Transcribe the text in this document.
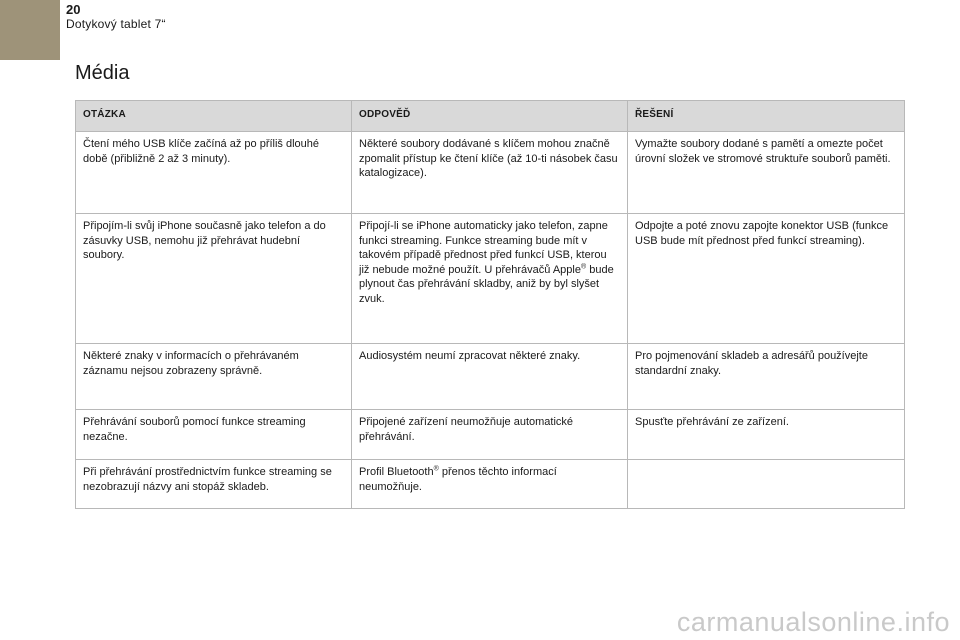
20
Dotykový tablet 7“
Média
OTÁZKA	ODPOVĚĎ	ŘEŠENÍ
Čtení mého USB klíče začíná až po příliš dlouhé době (přibližně 2 až 3 minuty).	Některé soubory dodávané s klíčem mohou značně zpomalit přístup ke čtení klíče (až 10-ti násobek času katalogizace).	Vymažte soubory dodané s pamětí a omezte počet úrovní složek ve stromové struktuře souborů paměti.
Připojím-li svůj iPhone současně jako telefon a do zásuvky USB, nemohu již přehrávat hudební soubory.	Připojí-li se iPhone automaticky jako telefon, zapne funkci streaming. Funkce streaming bude mít v takovém případě přednost před funkcí USB, kterou již nebude možné použít. U přehrávačů Apple® bude plynout čas přehrávání skladby, aniž by byl slyšet zvuk.	Odpojte a poté znovu zapojte konektor USB (funkce USB bude mít přednost před funkcí streaming).
Některé znaky v informacích o přehrávaném záznamu nejsou zobrazeny správně.	Audiosystém neumí zpracovat některé znaky.	Pro pojmenování skladeb a adresářů používejte standardní znaky.
Přehrávání souborů pomocí funkce streaming nezačne.	Připojené zařízení neumožňuje automatické přehrávání.	Spusťte přehrávání ze zařízení.
Při přehrávání prostřednictvím funkce streaming se nezobrazují názvy ani stopáž skladeb.	Profil Bluetooth® přenos těchto informací neumožňuje.	
carmanualsonline.info
